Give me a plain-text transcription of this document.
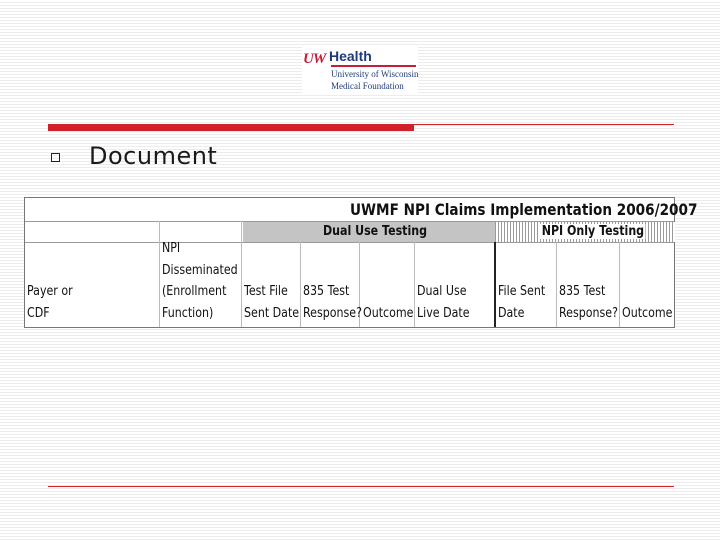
UW Health
University of Wisconsin
Medical Foundation
Document
UWMF NPI Claims Implementation 2006/2007
Dual Use Testing	NPI Only Testing
Payer or
CDF
NPI
Disseminated
(Enrollment
Function)
Test File
Sent Date
835 Test
Response? Outcome
Dual Use
Live Date
File Sent
Date
835 Test
Response? Outcome
